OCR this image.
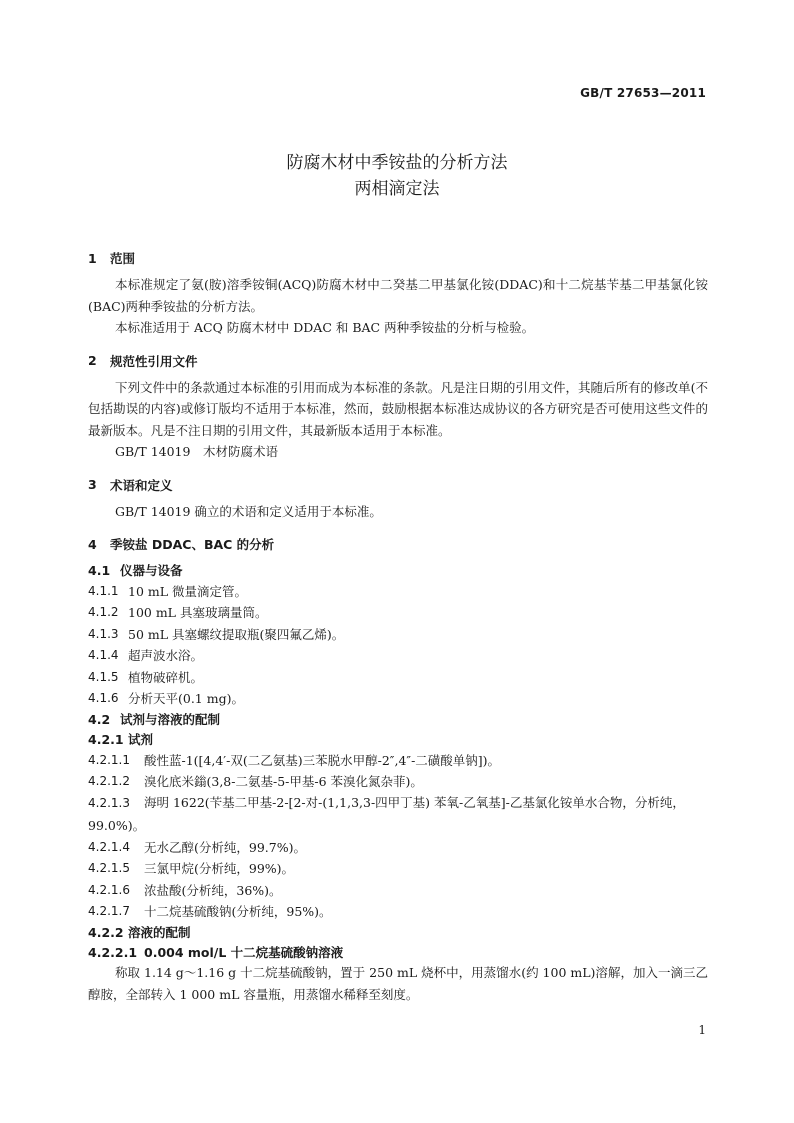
GB/T 27653—2011
防腐木材中季铵盐的分析方法
两相滴定法
1	范围

本标准规定了氨(胺)溶季铵铜(ACQ)防腐木材中二癸基二甲基氯化铵(DDAC)和十二烷基苄基二甲基氯化铵(BAC)两种季铵盐的分析方法。

本标准适用于 ACQ 防腐木材中 DDAC 和 BAC 两种季铵盐的分析与检验。

2	规范性引用文件

下列文件中的条款通过本标准的引用而成为本标准的条款。凡是注日期的引用文件，其随后所有的修改单(不包括勘误的内容)或修订版均不适用于本标准，然而，鼓励根据本标准达成协议的各方研究是否可使用这些文件的最新版本。凡是不注日期的引用文件，其最新版本适用于本标准。

GB/T 14019　木材防腐术语

3	术语和定义

GB/T 14019 确立的术语和定义适用于本标准。

4	季铵盐 DDAC、BAC 的分析
4.1 仪器与设备
4.1.1 10 mL 微量滴定管。
4.1.2 100 mL 具塞玻璃量筒。
4.1.3 50 mL 具塞螺纹提取瓶(聚四氟乙烯)。
4.1.4 超声波水浴。
4.1.5 植物破碎机。
4.1.6 分析天平(0.1 mg)。
4.2 试剂与溶液的配制
4.2.1 试剂
4.2.1.1	酸性蓝-1([4,4′-双(二乙氨基)三苯脱水甲醇-2″,4″-二磺酸单钠])。
4.2.1.2	溴化底米鎓(3,8-二氨基-5-甲基-6 苯溴化氮杂菲)。
4.2.1.3 海明 1622(苄基二甲基-2-[2-对-(1,1,3,3-四甲丁基) 苯氧-乙氧基]-乙基氯化铵单水合物，分析纯，99.0%)。
4.2.1.4	无水乙醇(分析纯，99.7%)。
4.2.1.5	三氯甲烷(分析纯，99%)。
4.2.1.6	浓盐酸(分析纯，36%)。
4.2.1.7	十二烷基硫酸钠(分析纯，95%)。
4.2.2 溶液的配制
4.2.2.1 0.004 mol/L 十二烷基硫酸钠溶液

称取 1.14 g～1.16 g 十二烷基硫酸钠，置于 250 mL 烧杯中，用蒸馏水(约 100 mL)溶解，加入一滴三乙醇胺，全部转入 1 000 mL 容量瓶，用蒸馏水稀释至刻度。

1
